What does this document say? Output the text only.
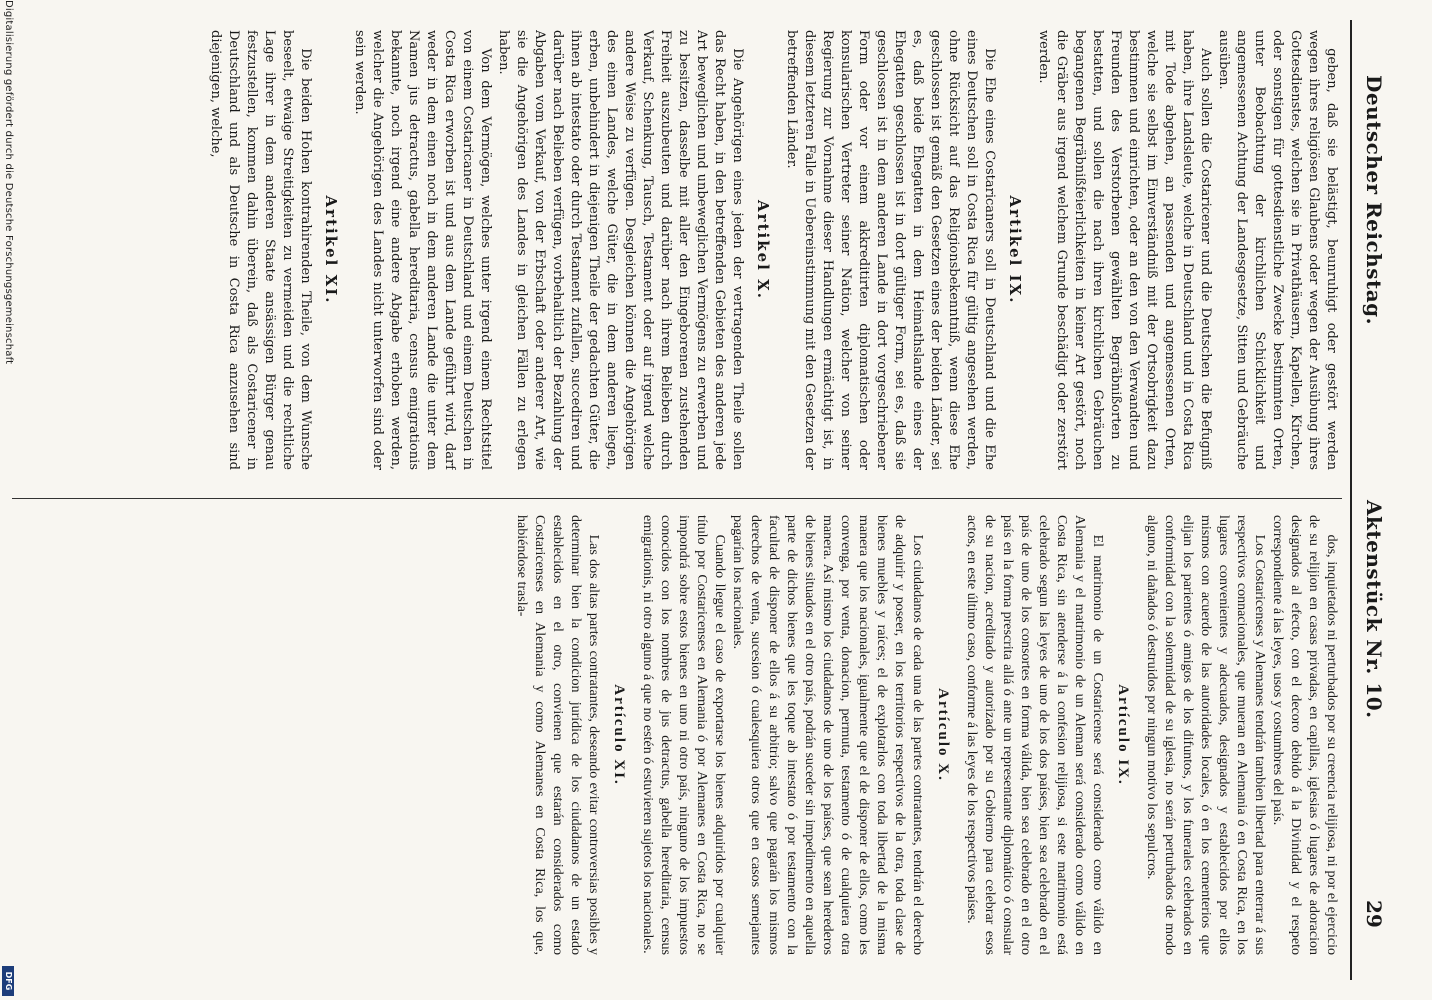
Deutscher Reichstag.
Aktenstück Nr. 10.
29

geben, daß sie belästigt, beunruhigt oder gestört werden wegen ihres religiösen Glaubens oder wegen der Ausübung ihres Gottesdienstes, welchen sie in Privathäusern, Kapellen, Kirchen, oder sonstigen für gottesdienstliche Zwecke bestimmten Orten, unter Beobachtung der kirchlichen Schicklichkeit und angemessenen Achtung der Landesgesetze, Sitten und Gebräuche ausüben.

Auch sollen die Costaricener und die Deutschen die Befugniß haben, ihre Landsleute, welche in Deutschland und in Costa Rica mit Tode abgehen, an passenden und angemessenen Orten, welche sie selbst im Einverständniß mit der Ortsobrigkeit dazu bestimmen und einrichten, oder an den von den Verwandten und Freunden des Verstorbenen gewählten Begräbnißorten zu bestatten, und sollen die nach ihren kirchlichen Gebräuchen begangenen Begräbnißfeierlichkeiten in keiner Art gestört, noch die Gräber aus irgend welchem Grunde beschädigt oder zerstört werden.

Artikel IX.

Die Ehe eines Costaricaners soll in Deutschland und die Ehe eines Deutschen soll in Costa Rica für gültig angesehen werden, ohne Rücksicht auf das Religionsbekenntniß, wenn diese Ehe geschlossen ist gemäß den Gesetzen eines der beiden Länder, sei es, daß beide Ehegatten in dem Heimathslande eines der Ehegatten geschlossen ist in dort gültiger Form, sei es, daß sie geschlossen ist in dem anderen Lande in dort vorgeschriebener Form oder vor einem akkreditirten diplomatischen oder konsularischen Vertreter seiner Nation, welcher von seiner Regierung zur Vornahme dieser Handlungen ermächtigt ist, in diesem letzteren Falle in Uebereinstimmung mit den Gesetzen der betreffenden Länder.

Artikel X.

Die Angehörigen eines jeden der vertragenden Theile sollen das Recht haben, in den betreffenden Gebieten des anderen jede Art beweglichen und unbeweglichen Vermögens zu erwerben und zu besitzen, dasselbe mit aller den Eingeborenen zustehenden Freiheit auszubeuten und darüber nach ihrem Belieben durch Verkauf, Schenkung, Tausch, Testament oder auf irgend welche andere Weise zu verfügen. Desgleichen können die Angehörigen des einen Landes, welche Güter, die in dem anderen liegen, erben, unbehindert in diejenigen Theile der gedachten Güter, die ihnen ab intestato oder durch Testament zufallen, succediren und darüber nach Belieben verfügen, vorbehaltlich der Bezahlung der Abgaben vom Verkauf, von der Erbschaft oder anderer Art, wie sie die Angehörigen des Landes in gleichen Fällen zu erlegen haben.

Von dem Vermögen, welches unter irgend einem Rechtstitel von einem Costaricaner in Deutschland und einem Deutschen in Costa Rica erworben ist und aus dem Lande geführt wird, darf weder in dem einen noch in dem anderen Lande die unter dem Namen jus detractus, gabella hereditaria, census emigrationis bekannte, noch irgend eine andere Abgabe erhoben werden, welcher die Angehörigen des Landes nicht unterworfen sind oder sein werden.

Artikel XI.

Die beiden Hohen kontrahirenden Theile, von dem Wunsche beseelt, etwaige Streitigkeiten zu vermeiden und die rechtliche Lage ihrer in dem anderen Staate ansässigen Bürger genau festzustellen, kommen dahin überein, daß als Costaricener in Deutschland und als Deutsche in Costa Rica anzusehen sind diejenigen, welche,

dos, inquietados ni perturbados por su creencia relijiosa, ni por el ejercicio de su relijion en casas privadas, en capillas, iglesias ó lugares de adoracion designados al efecto, con el decoro debido á la Divinidad y el respeto correspondiente á las leyes, usos y costumbres del país.

Los Costaricenses y Alemanes tendrán tambien libertad para enterrar á sus respectivos connacionales, que mueran en Alemania ó en Costa Rica, en los lugares convenientes y adecuados, designados y establecidos por ellos mismos con acuerdo de las autoridades locales, ó en los cementerios que elijan los parientes ó amigos de los difuntos, y los funerales celebrados en conformidad con la solemnidad de su iglesia, no serán perturbados de modo alguno, ni dañados ó destruidos por ningun motivo los sepulcros.

Artículo IX.

El matrimonio de un Costaricense será considerado como válido en Alemania y el matrimonio de un Aleman será considerado como válido en Costa Rica, sin atenderse á la confesion relijiosa, si este matrimonio está celebrado segun las leyes de uno de los dos países, bien sea celebrado en el país de uno de los consortes en forma válida, bien sea celebrado en el otro país en la forma prescrita allá ó ante un representante diplomático ó consular de su nacion, acreditado y autorizado por su Gobierno para celebrar esos actos, en este último caso, conforme á las leyes de los respectivos países.

Artículo X.

Los ciudadanos de cada una de las partes contratantes, tendrán el derecho de adquirir y poseer, en los territorios respectivos de la otra, toda clase de bienes muebles y raíces; el de explotarlos con toda libertad de la misma manera que los nacionales, igualmente que el de disponer de ellos, como les convenga, por venta, donacion, permuta, testamento ó de cualquiera otra manera. Así mismo los ciudadanos de uno de los países, que sean herederos de bienes situados en el otro país, podrán suceder sin impedimento en aquella parte de dichos bienes que les toque ab intestato ó por testamento con la facultad de disponer de ellos á su arbitrio; salvo que pagarán los mismos derechos de venta, sucesion ó cualesquiera otros que en casos semejantes pagarían los nacionales.

Cuando llegue el caso de exportarse los bienes adquiridos por cualquier título por Costaricenses en Alemania ó por Alemanes en Costa Rica, no se impondrá sobre estos bienes en uno ni otro país, ninguno de los impuestos conocidos con los nombres de jus detractus, gabella hereditaria, census emigrationis, ni otro alguno á que no estén ó estuvieren sujetos los nacionales.

Artículo XI.

Las dos altas partes contratantes, deseando evitar controversias posibles y determinar bien la condicion jurídica de los ciudadanos de un estado establecidos en el otro, convienen que estarán considerados como Costaricenses en Alemania y como Alemanes en Costa Rica, los que, habiéndose trasla-

Digitalisierung gefördert durch die Deutsche Forschungsgemeinschaft
DFG
